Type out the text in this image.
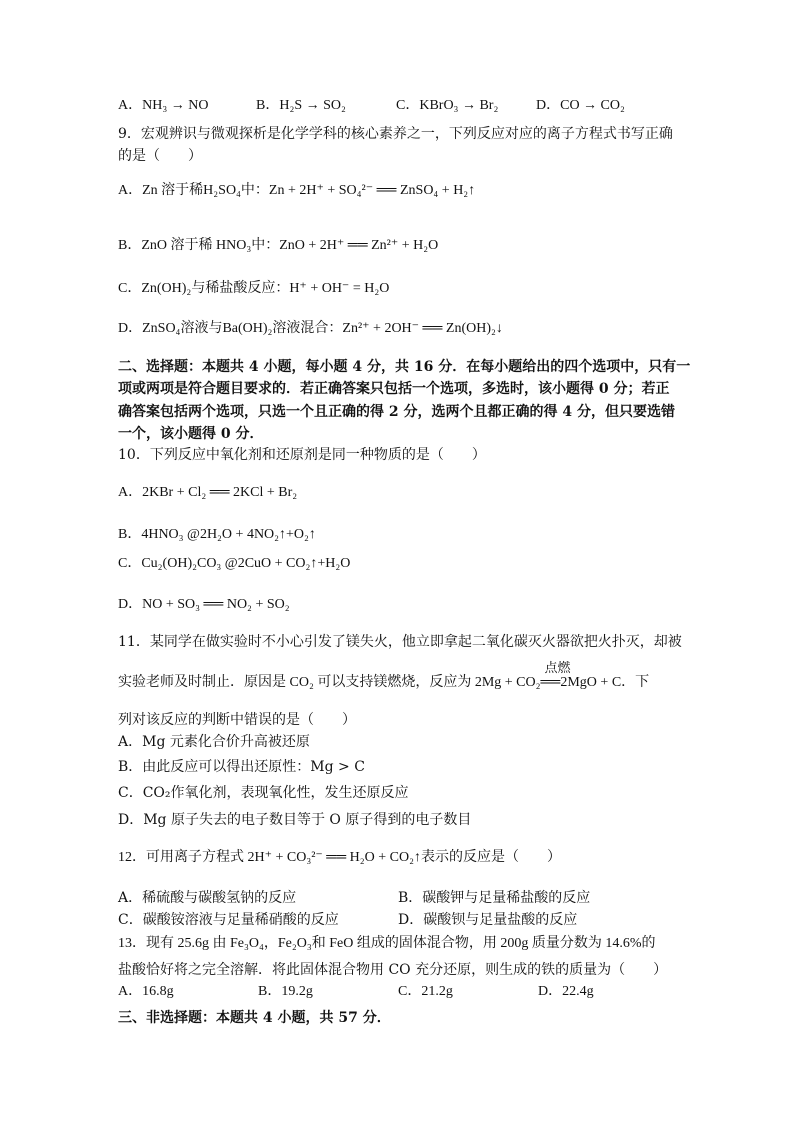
A．NH₃ → NO	B．H₂S → SO₂	C．KBrO₃ → Br₂	D．CO → CO₂
9．宏观辨识与微观探析是化学学科的核心素养之一，下列反应对应的离子方程式书写正确
的是（　　）
A．Zn 溶于稀H₂SO₄中：Zn + 2H⁺ + SO₄²⁻ ══ ZnSO₄ + H₂↑
B．ZnO 溶于稀 HNO₃中：ZnO + 2H⁺ ══ Zn²⁺ + H₂O
C．Zn(OH)₂与稀盐酸反应：H⁺ + OH⁻ = H₂O
D．ZnSO₄溶液与Ba(OH)₂溶液混合：Zn²⁺ + 2OH⁻ ══ Zn(OH)₂↓
二、选择题：本题共 4 小题，每小题 4 分，共 16 分．在每小题给出的四个选项中，只有一
项或两项是符合题目要求的．若正确答案只包括一个选项，多选时，该小题得 0 分；若正
确答案包括两个选项，只选一个且正确的得 2 分，选两个且都正确的得 4 分，但只要选错
一个，该小题得 0 分．
10．下列反应中氧化剂和还原剂是同一种物质的是（　　）
A．2KBr + Cl₂ ══ 2KCl + Br₂
B．4HNO₃ @2H₂O + 4NO₂↑+O₂↑
C．Cu₂(OH)₂CO₃ @2CuO + CO₂↑+H₂O
D．NO + SO₃ ══ NO₂ + SO₂
11．某同学在做实验时不小心引发了镁失火，他立即拿起二氧化碳灭火器欲把火扑灭，却被
实验老师及时制止．原因是 CO₂ 可以支持镁燃烧，反应为 2Mg + CO₂
点燃
══2MgO + C．下
列对该反应的判断中错误的是（　　）
A．Mg 元素化合价升高被还原
B．由此反应可以得出还原性：Mg > C
C．CO₂作氧化剂，表现氧化性，发生还原反应
D．Mg 原子失去的电子数目等于 O 原子得到的电子数目
12．可用离子方程式 2H⁺ + CO₃²⁻ ══ H₂O + CO₂↑表示的反应是（　　）
A．稀硫酸与碳酸氢钠的反应	B．碳酸钾与足量稀盐酸的反应
C．碳酸铵溶液与足量稀硝酸的反应	D．碳酸钡与足量盐酸的反应
13．现有 25.6g 由 Fe₃O₄，Fe₂O₃和 FeO 组成的固体混合物，用 200g 质量分数为 14.6%的
盐酸恰好将之完全溶解．将此固体混合物用 CO 充分还原，则生成的铁的质量为（　　）
A．16.8g	B．19.2g	C．21.2g	D．22.4g
三、非选择题：本题共 4 小题，共 57 分．
